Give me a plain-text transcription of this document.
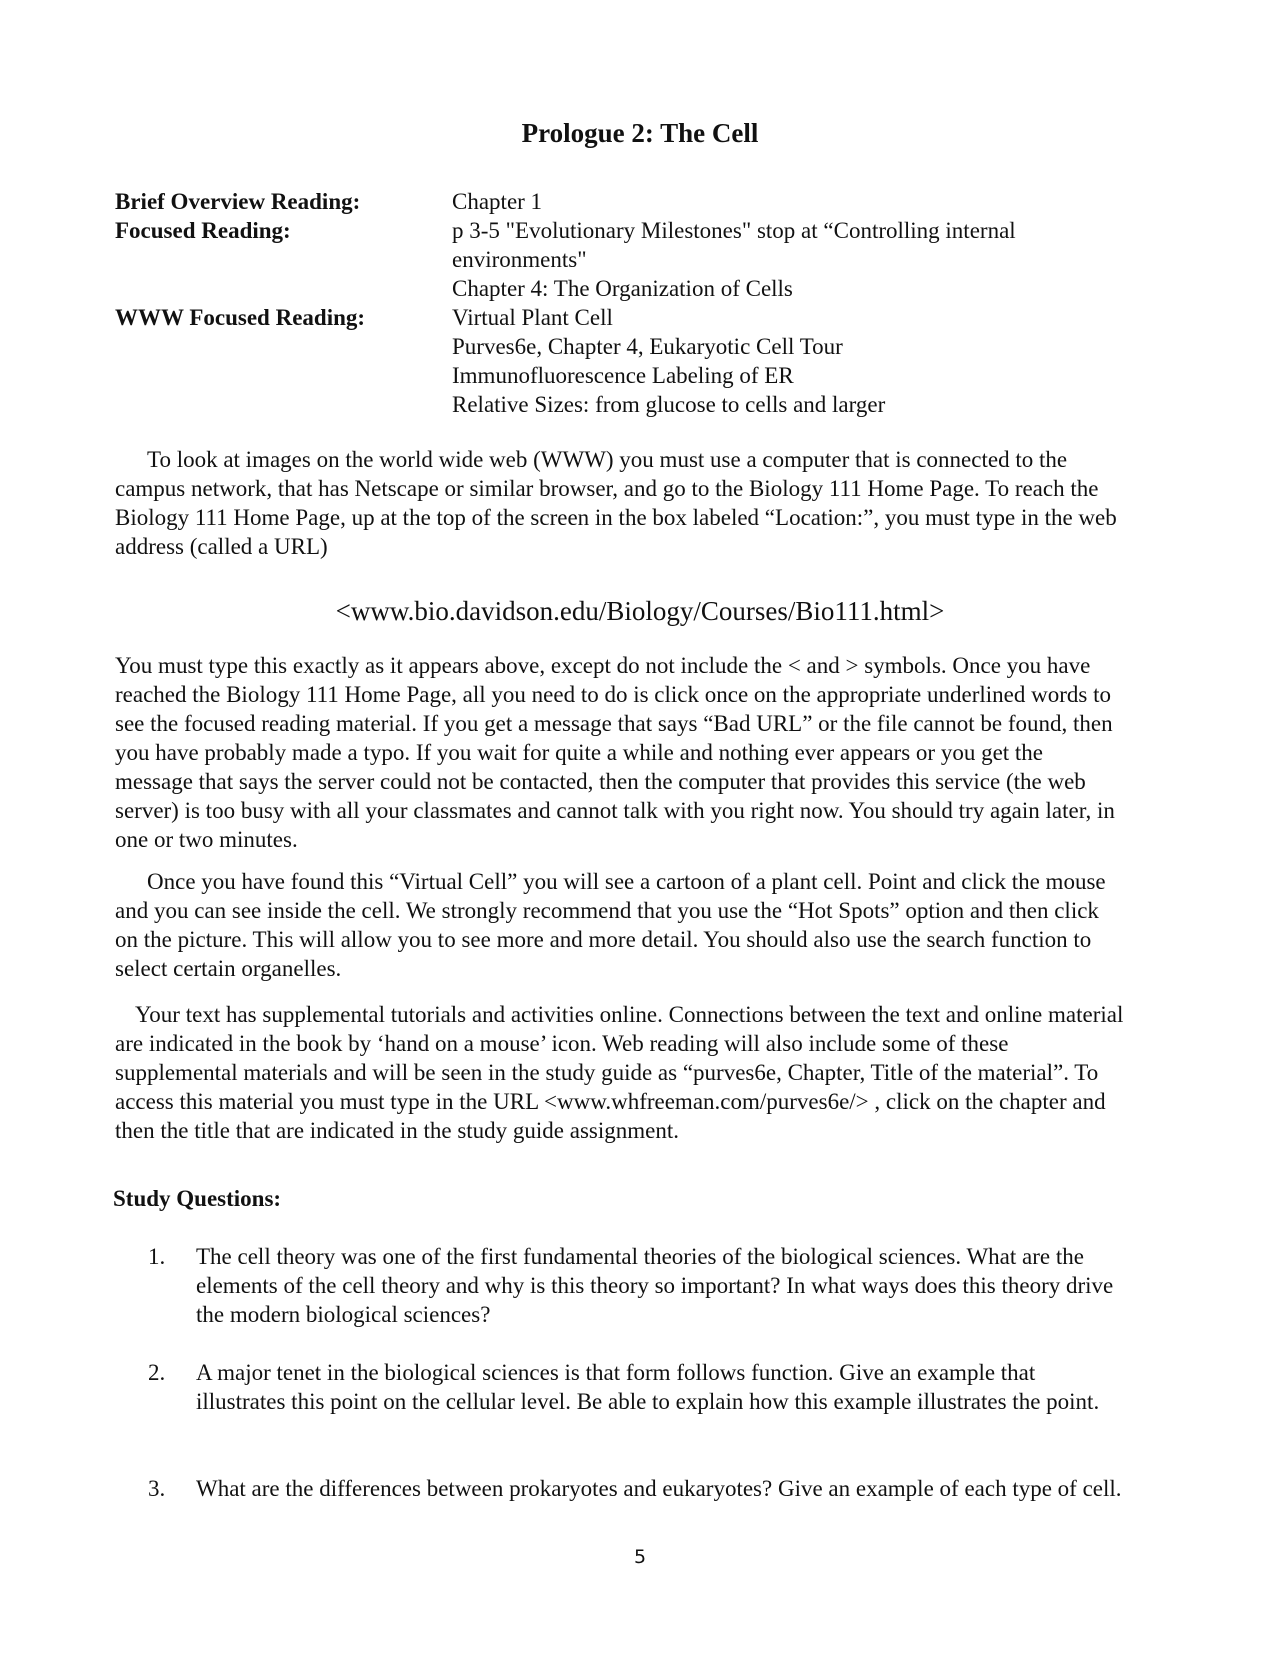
Prologue 2: The Cell
Brief Overview Reading:	Chapter 1
Focused Reading:	p 3-5 "Evolutionary Milestones" stop at “Controlling internal environments"
Chapter 4: The Organization of Cells
WWW Focused Reading:	Virtual Plant Cell
Purves6e, Chapter 4, Eukaryotic Cell Tour
Immunofluorescence Labeling of ER
Relative Sizes: from glucose to cells and larger

To look at images on the world wide web (WWW) you must use a computer that is connected to the campus network, that has Netscape or similar browser, and go to the Biology 111 Home Page. To reach the Biology 111 Home Page, up at the top of the screen in the box labeled “Location:”, you must type in the web address (called a URL)

<www.bio.davidson.edu/Biology/Courses/Bio111.html>

You must type this exactly as it appears above, except do not include the < and > symbols. Once you have reached the Biology 111 Home Page, all you need to do is click once on the appropriate underlined words to see the focused reading material. If you get a message that says “Bad URL” or the file cannot be found, then you have probably made a typo. If you wait for quite a while and nothing ever appears or you get the message that says the server could not be contacted, then the computer that provides this service (the web server) is too busy with all your classmates and cannot talk with you right now. You should try again later, in one or two minutes.

Once you have found this “Virtual Cell” you will see a cartoon of a plant cell. Point and click the mouse and you can see inside the cell. We strongly recommend that you use the “Hot Spots” option and then click on the picture. This will allow you to see more and more detail. You should also use the search function to select certain organelles.

Your text has supplemental tutorials and activities online. Connections between the text and online material are indicated in the book by ‘hand on a mouse’ icon. Web reading will also include some of these supplemental materials and will be seen in the study guide as “purves6e, Chapter, Title of the material”. To access this material you must type in the URL <www.whfreeman.com/purves6e/> , click on the chapter and then the title that are indicated in the study guide assignment.

Study Questions:
1.	The cell theory was one of the first fundamental theories of the biological sciences. What are the elements of the cell theory and why is this theory so important? In what ways does this theory drive the modern biological sciences?
2.	A major tenet in the biological sciences is that form follows function. Give an example that illustrates this point on the cellular level. Be able to explain how this example illustrates the point.
3.	What are the differences between prokaryotes and eukaryotes? Give an example of each type of cell.
5
